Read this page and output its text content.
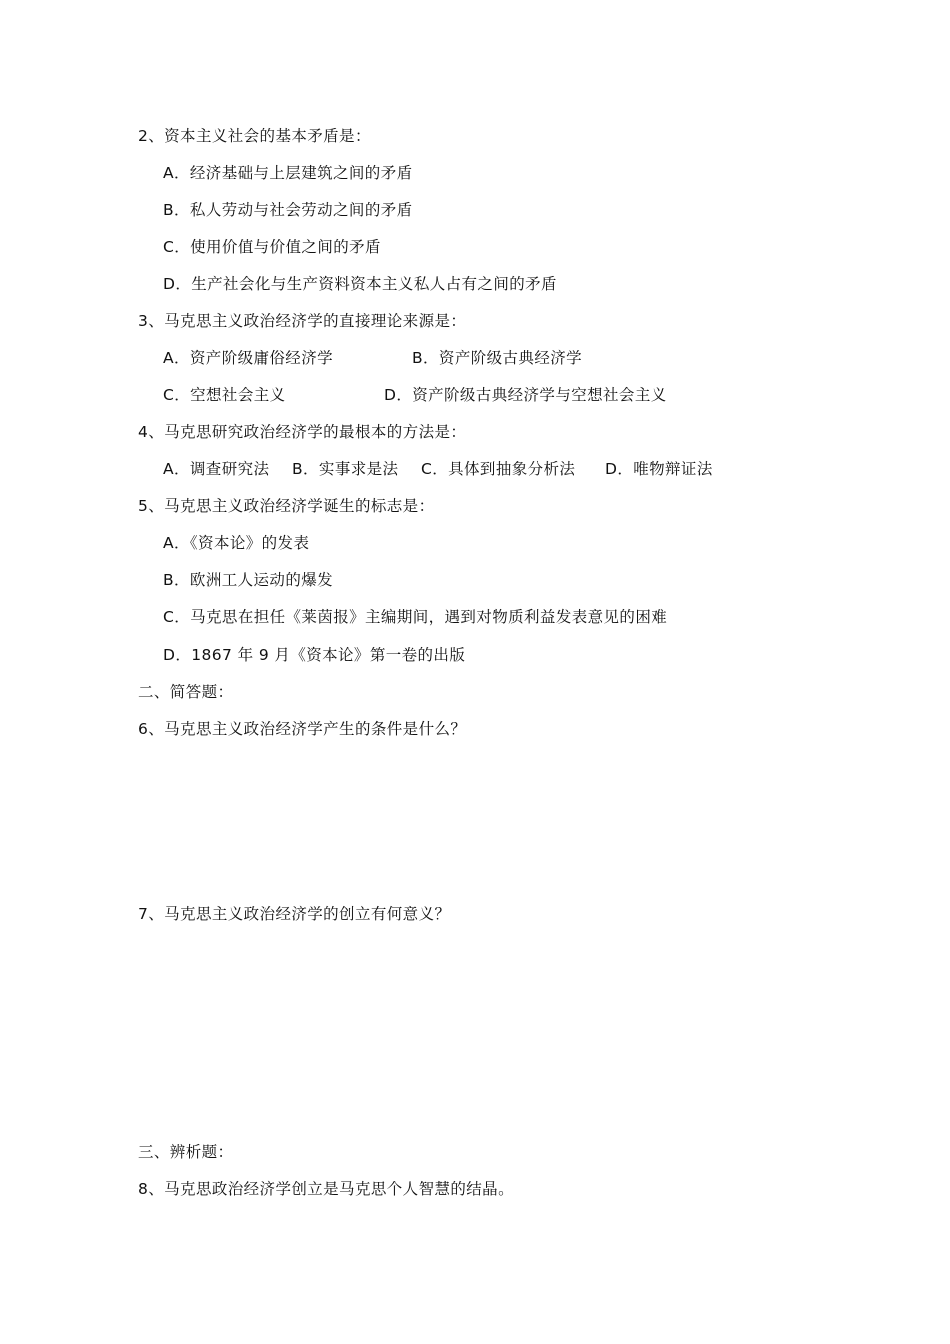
2、资本主义社会的基本矛盾是：
A．经济基础与上层建筑之间的矛盾
B．私人劳动与社会劳动之间的矛盾
C．使用价值与价值之间的矛盾
D．生产社会化与生产资料资本主义私人占有之间的矛盾
3、马克思主义政治经济学的直接理论来源是：
A．资产阶级庸俗经济学	B．资产阶级古典经济学
C．空想社会主义	D．资产阶级古典经济学与空想社会主义
4、马克思研究政治经济学的最根本的方法是：
A．调查研究法 B．实事求是法 C．具体到抽象分析法 D．唯物辩证法
5、马克思主义政治经济学诞生的标志是：
A．《资本论》的发表
B．欧洲工人运动的爆发
C．马克思在担任《莱茵报》主编期间，遇到对物质利益发表意见的困难
D．1867 年 9 月《资本论》第一卷的出版
二、简答题：
6、马克思主义政治经济学产生的条件是什么？
7、马克思主义政治经济学的创立有何意义？
三、辨析题：
8、马克思政治经济学创立是马克思个人智慧的结晶。
